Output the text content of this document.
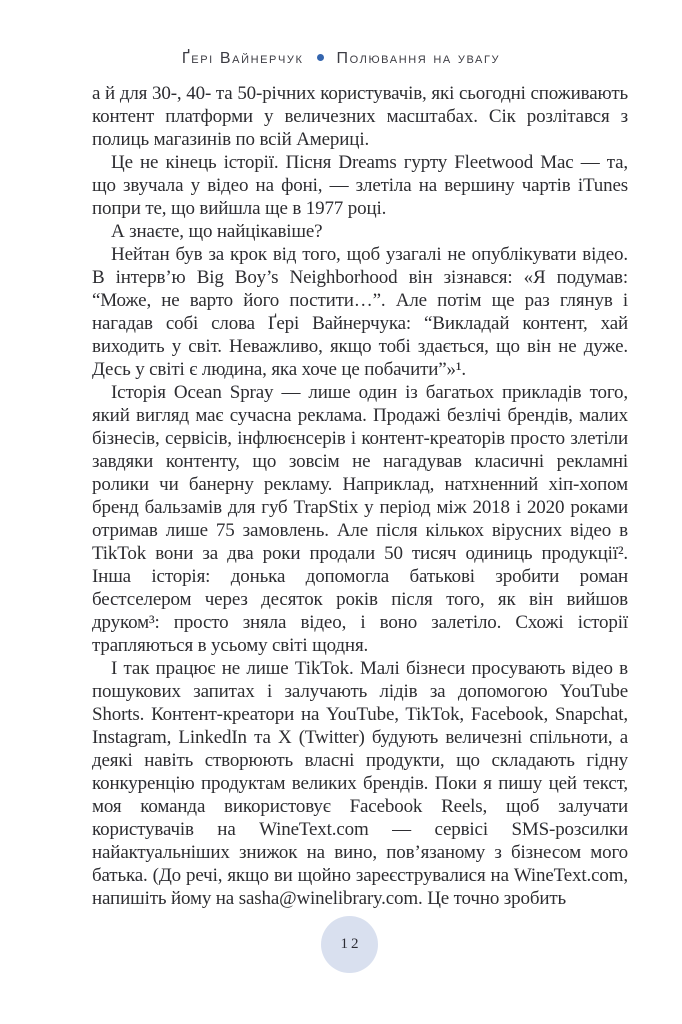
Ґері Вайнерчук Полювання на увагу

а й для 30-, 40- та 50-річних користувачів, які сьогодні споживають контент платформи у величезних масштабах. Сік розлітався з полиць магазинів по всій Америці.

Це не кінець історії. Пісня Dreams гурту Fleetwood Mac — та, що звучала у відео на фоні, — злетіла на вершину чартів iTunes попри те, що вийшла ще в 1977 році.

А знаєте, що найцікавіше?

Нейтан був за крок від того, щоб узагалі не опублікувати відео. В інтерв’ю Big Boy’s Neighborhood він зізнався: «Я подумав: “Може, не варто його постити…”. Але потім ще раз глянув і нагадав собі слова Ґері Вайнерчука: “Викладай контент, хай виходить у світ. Неважливо, якщо тобі здається, що він не дуже. Десь у світі є людина, яка хоче це побачити”»¹.

Історія Ocean Spray — лише один із багатьох прикладів того, який вигляд має сучасна реклама. Продажі безлічі брендів, малих бізнесів, сервісів, інфлюєнсерів і контент-креаторів просто злетіли завдяки контенту, що зовсім не нагадував класичні рекламні ролики чи банерну рекламу. Наприклад, натхненний хіп-хопом бренд бальзамів для губ TrapStix у період між 2018 і 2020 роками отримав лише 75 замовлень. Але після кількох вірусних відео в TikTok вони за два роки продали 50 тисяч одиниць продукції². Інша історія: донька допомогла батькові зробити роман бестселером через десяток років після того, як він вийшов друком³: просто зняла відео, і воно залетіло. Схожі історії трапляються в усьому світі щодня.

І так працює не лише TikTok. Малі бізнеси просувають відео в пошукових запитах і залучають лідів за допомогою YouTube Shorts. Контент-креатори на YouTube, TikTok, Facebook, Snapchat, Instagram, LinkedIn та X (Twitter) будують величезні спільноти, а деякі навіть створюють власні продукти, що складають гідну конкуренцію продуктам великих брендів. Поки я пишу цей текст, моя команда використовує Facebook Reels, щоб залучати користувачів на WineText.com — сервісі SMS-розсилки найактуальніших знижок на вино, пов’язаному з бізнесом мого батька. (До речі, якщо ви щойно зареєструвалися на WineText.com, напишіть йому на sasha@winelibrary.com. Це точно зробить

12
